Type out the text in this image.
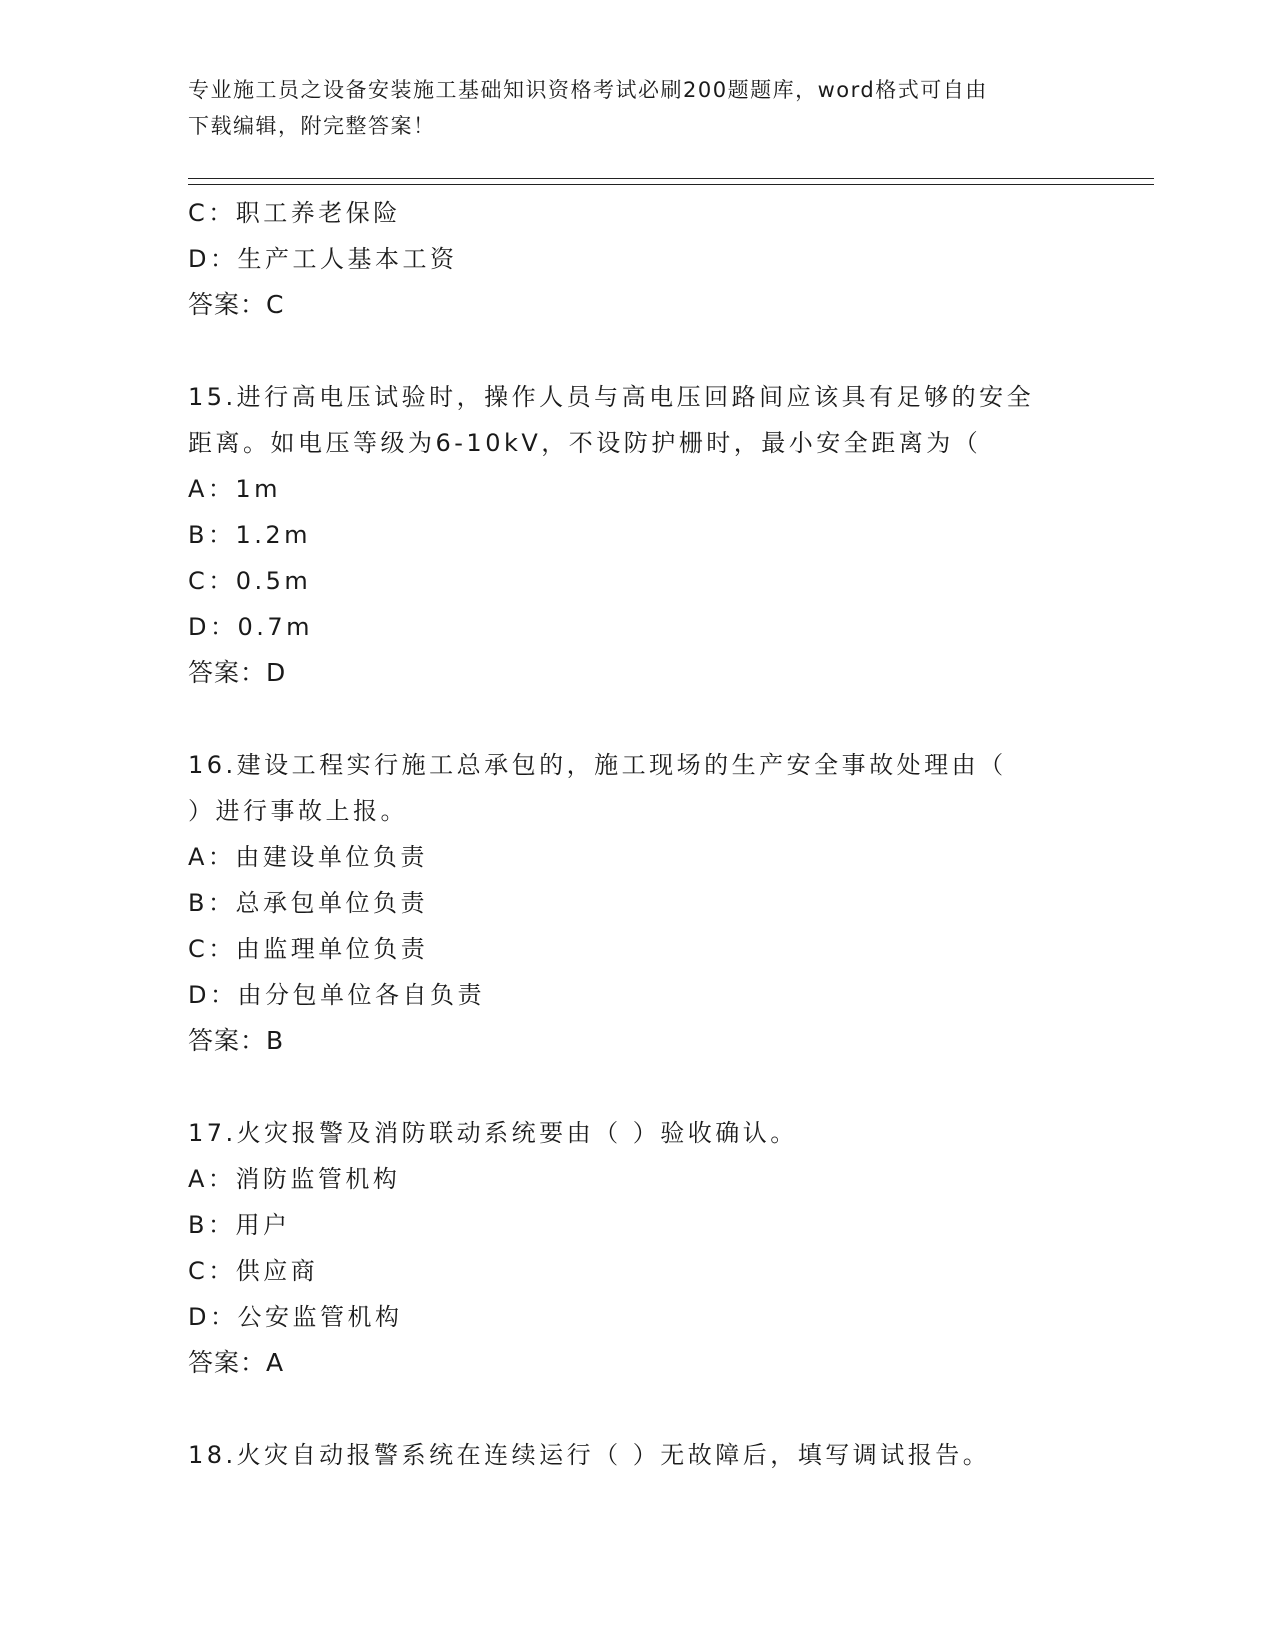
专业施工员之设备安装施工基础知识资格考试必刷200题题库，word格式可自由
下载编辑，附完整答案！
C：职工养老保险
D：生产工人基本工资
答案：C
15.进行高电压试验时，操作人员与高电压回路间应该具有足够的安全
距离。如电压等级为6-10kV，不设防护栅时，最小安全距离为（
A：1m
B：1.2m
C：0.5m
D：0.7m
答案：D
16.建设工程实行施工总承包的，施工现场的生产安全事故处理由（
）进行事故上报。
A：由建设单位负责
B：总承包单位负责
C：由监理单位负责
D：由分包单位各自负责
答案：B
17.火灾报警及消防联动系统要由（ ）验收确认。
A：消防监管机构
B：用户
C：供应商
D：公安监管机构
答案：A
18.火灾自动报警系统在连续运行（ ）无故障后，填写调试报告。
